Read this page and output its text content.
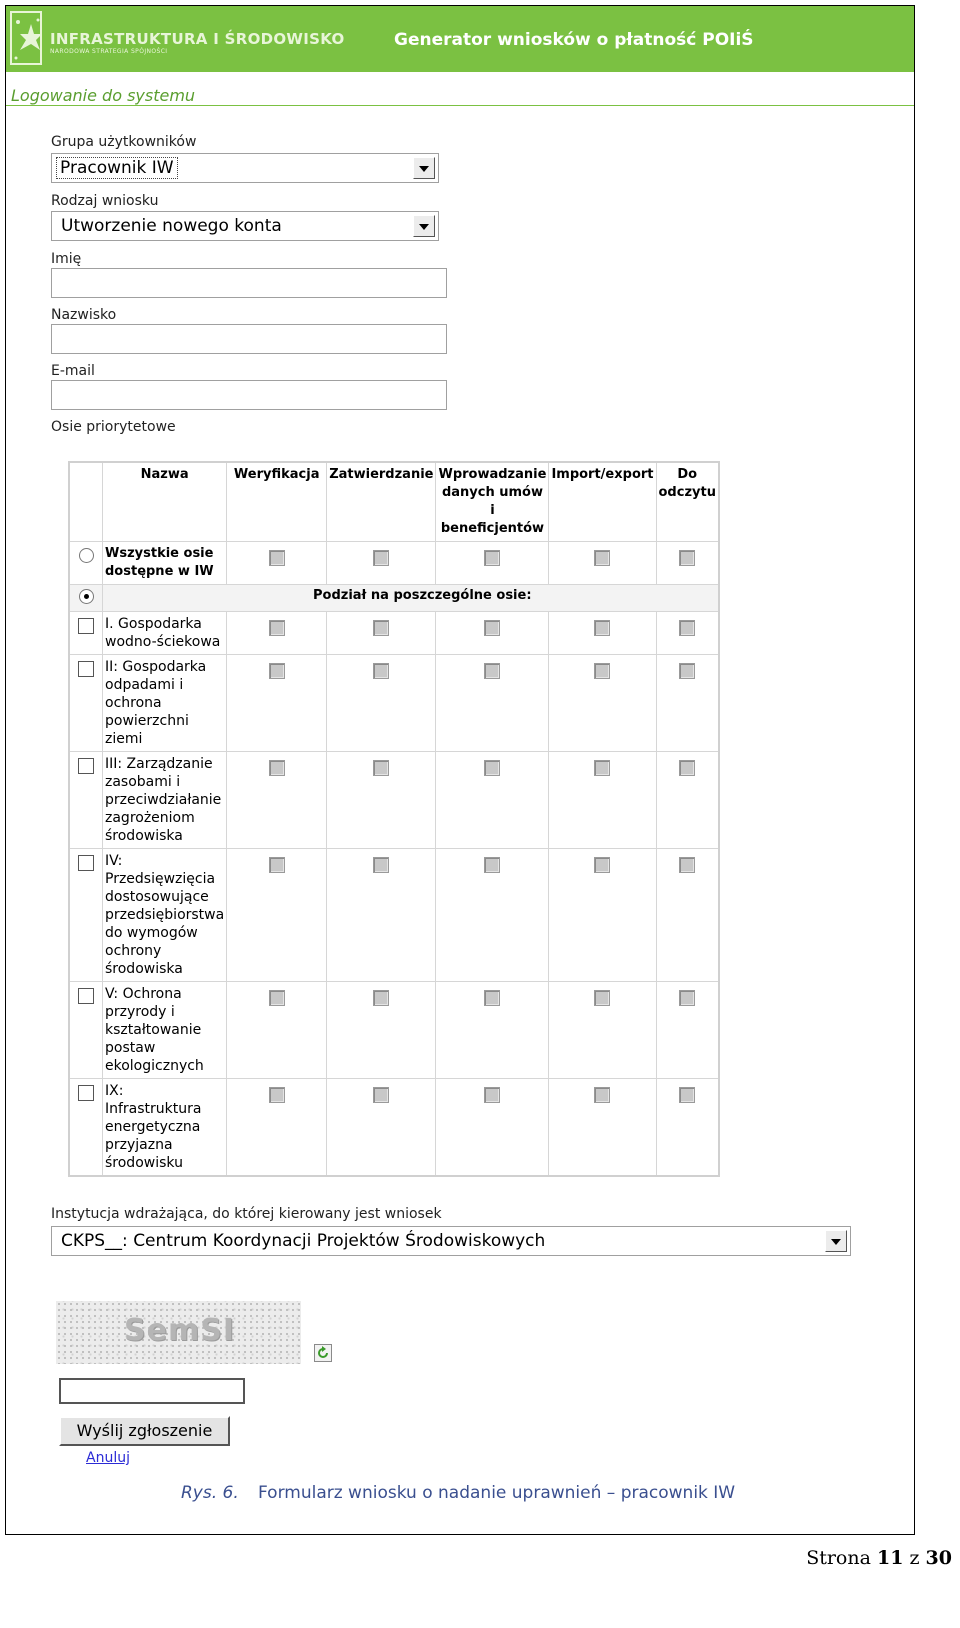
INFRASTRUKTURA I ŚRODOWISKO
NARODOWA STRATEGIA SPÓJNOŚCI
Generator wniosków o płatność POIiŚ
Logowanie do systemu
Grupa użytkowników
Pracownik IW
Rodzaj wniosku
Utworzenie nowego konta
Imię
Nazwisko
E-mail
Osie priorytetowe
	Nazwa	Weryfikacja	Zatwierdzanie	Wprowadzanie danych umów i beneficjentów	Import/export	Do odczytu
	Wszystkie osie dostępne w IW					
	Podział na poszczególne osie:					
	I. Gospodarka wodno-ściekowa					
	II: Gospodarka odpadami i ochrona powierzchni ziemi					
	III: Zarządzanie zasobami i przeciwdziałanie zagrożeniom środowiska					
	IV: Przedsięwzięcia dostosowujące przedsiębiorstwa do wymogów ochrony środowiska					
	V: Ochrona przyrody i kształtowanie postaw ekologicznych					
	IX: Infrastruktura energetyczna przyjazna środowisku					
Instytucja wdrażająca, do której kierowany jest wniosek
CKPS__: Centrum Koordynacji Projektów Środowiskowych
SemSI
Wyślij zgłoszenie
Anuluj
Rys. 6. Formularz wniosku o nadanie uprawnień – pracownik IW
Strona 11 z 30
